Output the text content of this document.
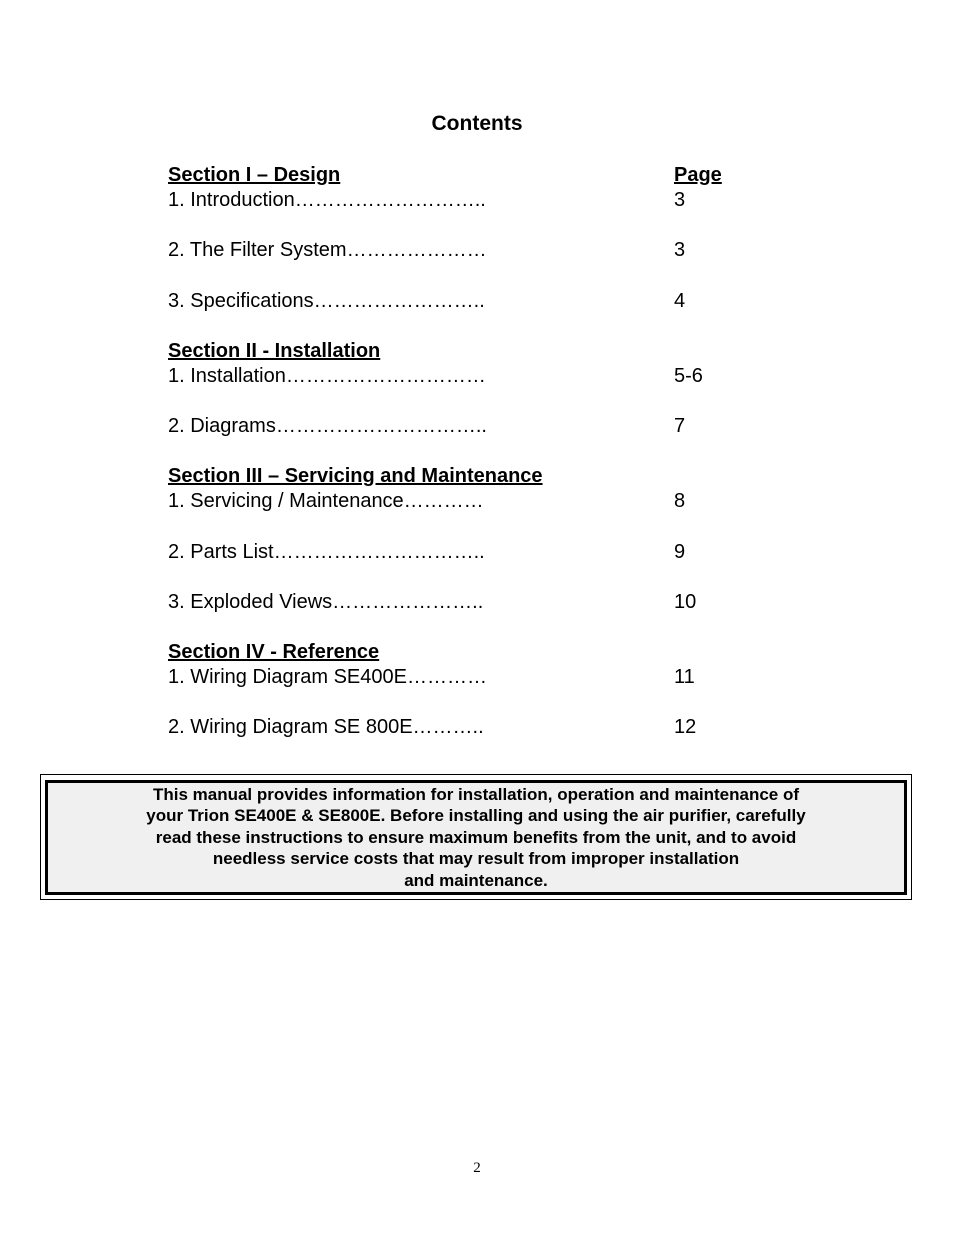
Contents
Section I – Design	Page
1. Introduction………………………..	3
2. The Filter System…………………	3
3. Specifications……………………..	4
Section II - Installation
1. Installation…………………………	5-6
2. Diagrams…………………………..	7
Section III – Servicing and Maintenance
1. Servicing / Maintenance…………	8
2. Parts List…………………………..	9
3. Exploded Views…………………..	10
Section IV - Reference
1. Wiring Diagram SE400E…………	11
2. Wiring Diagram SE 800E………..	12
This manual provides information for installation, operation and maintenance of
your Trion SE400E & SE800E. Before installing and using the air purifier, carefully
read these instructions to ensure maximum benefits from the unit, and to avoid
needless service costs that may result from improper installation
and maintenance.
2
